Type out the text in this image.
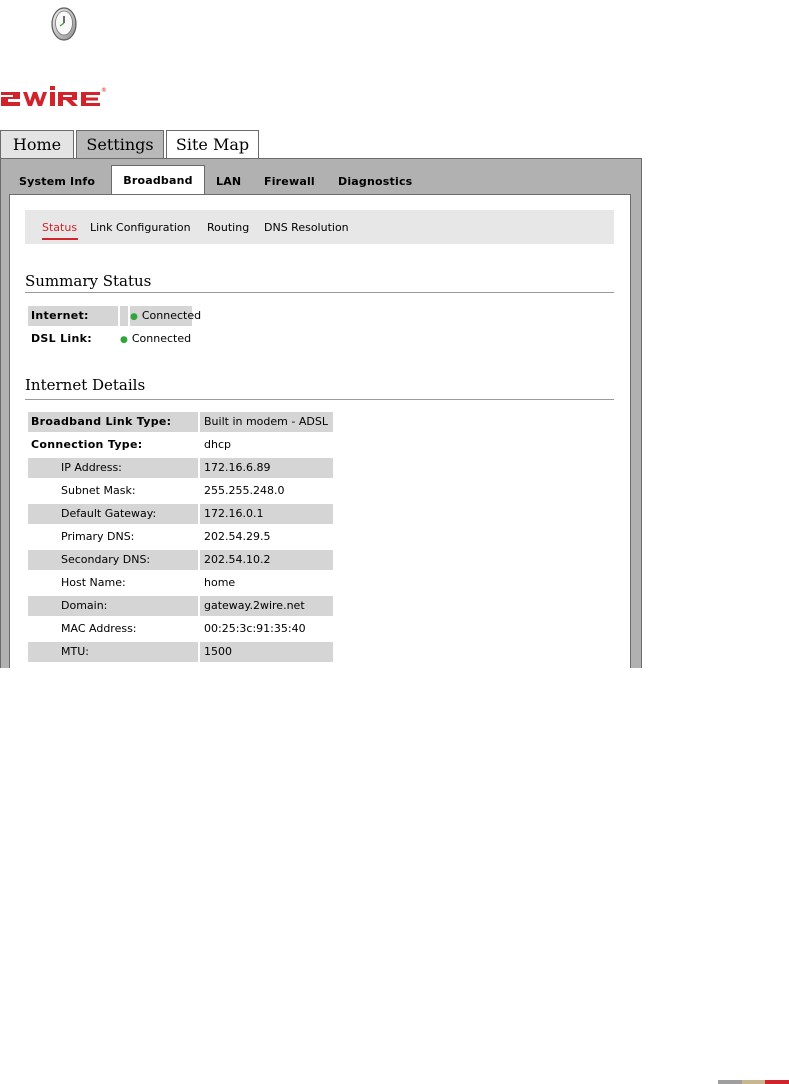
®
Home	Settings	Site Map
System Info	Broadband	LAN Firewall Diagnostics
Status Link Configuration Routing DNS Resolution
Summary Status
Internet:	● Connected
DSL Link:	● Connected
Internet Details
Broadband Link Type:	Built in modem - ADSL
Connection Type:	dhcp
IP Address:	172.16.6.89
Subnet Mask:	255.255.248.0
Default Gateway:	172.16.0.1
Primary DNS:	202.54.29.5
Secondary DNS:	202.54.10.2
Host Name:	home
Domain:	gateway.2wire.net
MAC Address:	00:25:3c:91:35:40
MTU:	1500
